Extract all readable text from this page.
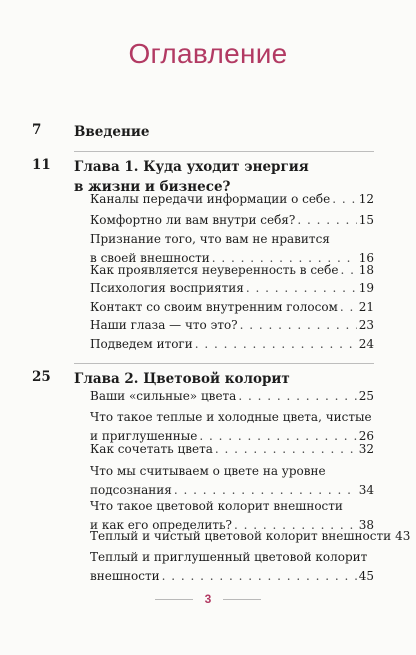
Оглавление
7 Введение
11 Глава 1. Куда уходит энергия
в жизни и бизнесе?
Каналы передачи информации о себе . . . 12
Комфортно ли вам внутри себя? . . .	15
Признание того, что вам не нравится
в своей внешности . . .	16
Как проявляется неуверенность в себе . . . 18
Психология восприятия . . .	19
Контакт со своим внутренним голосом . . . 21
Наши глаза — что это? . . .	23
Подведем итоги . . .	24
25 Глава 2. Цветовой колорит
Ваши «сильные» цвета . . .	25
Что такое теплые и холодные цвета, чистые
и приглушенные . . .	26
Как сочетать цвета . . .	32
Что мы считываем о цвете на уровне
подсознания . . .	34
Что такое цветовой колорит внешности
и как его определить? . . .	38
Теплый и чистый цветовой колорит внешности 43
Теплый и приглушенный цветовой колорит
внешности . . .	45
3
